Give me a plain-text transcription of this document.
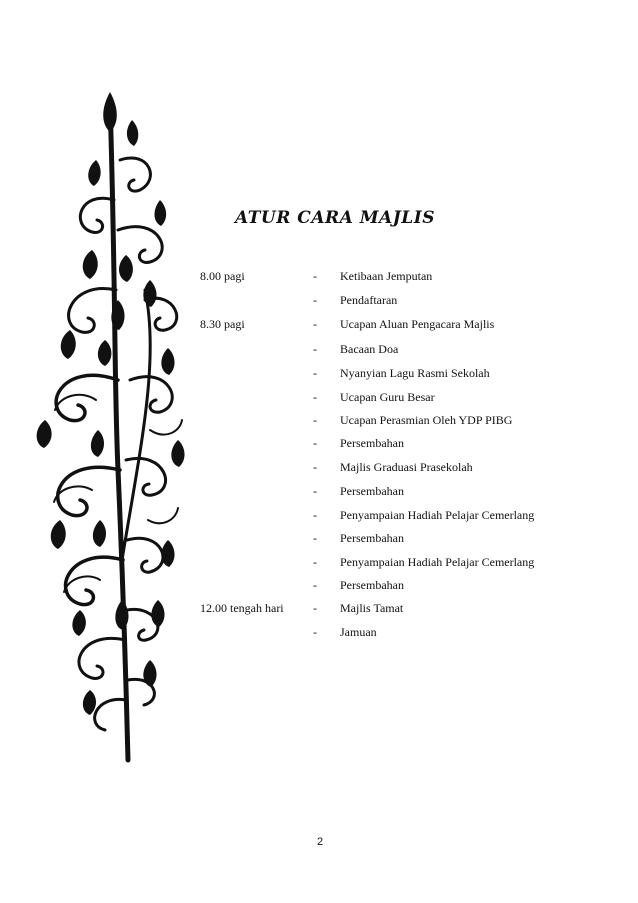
ATUR CARA MAJLIS
8.00 pagi	- Ketibaan Jemputan
- Pendaftaran
8.30 pagi	- Ucapan Aluan Pengacara Majlis
- Bacaan Doa
- Nyanyian Lagu Rasmi Sekolah
- Ucapan Guru Besar
- Ucapan Perasmian Oleh YDP PIBG
- Persembahan
- Majlis Graduasi Prasekolah
- Persembahan
- Penyampaian Hadiah Pelajar Cemerlang
- Persembahan
- Penyampaian Hadiah Pelajar Cemerlang
- Persembahan
12.00 tengah hari - Majlis Tamat
- Jamuan
2
